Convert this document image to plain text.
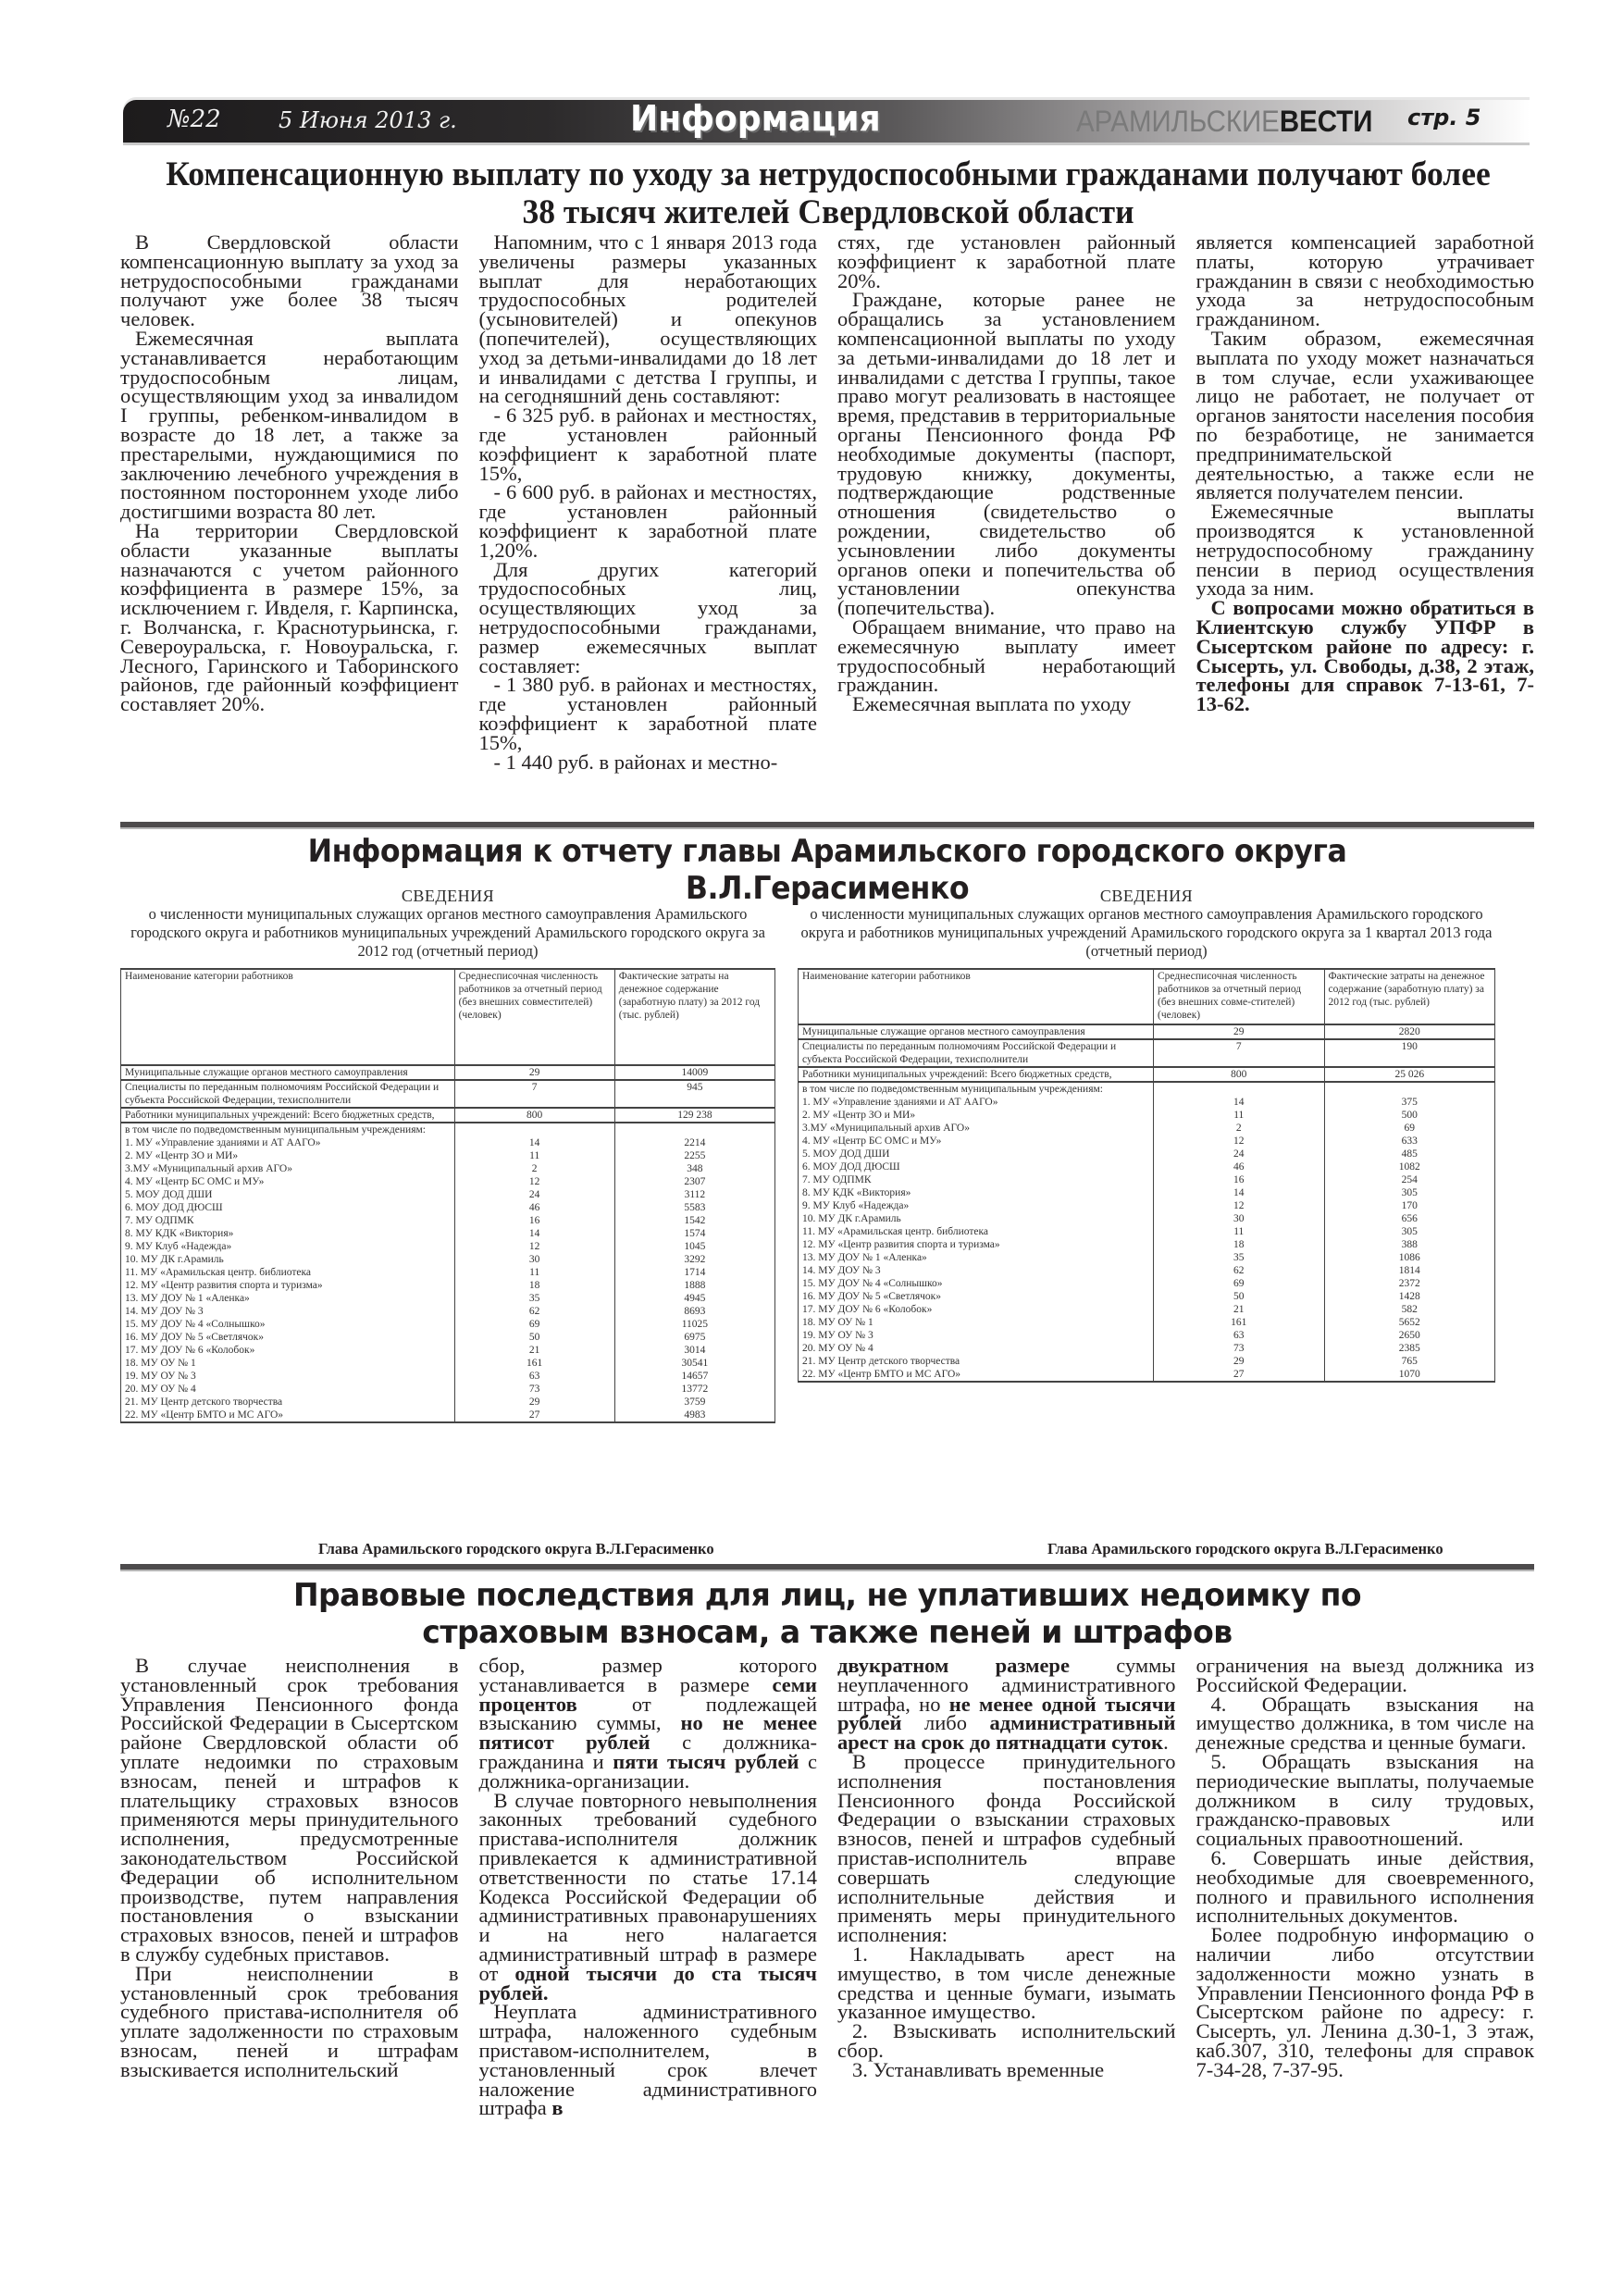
№22	5 Июня 2013 г.	Информация	АРАМИЛЬСКИЕВЕСТИ стр. 5
Компенсационную выплату по уходу за нетрудоспособными гражданами получают более 38 тысяч жителей Свердловской области

В Свердловской области компенсационную выплату за уход за нетрудоспособными гражданами получают уже более 38 тысяч человек.

Ежемесячная выплата устанавливается неработающим трудоспособным лицам, осуществляющим уход за инвалидом I группы, ребенком-инвалидом в возрасте до 18 лет, а также за престарелыми, нуждающимися по заключению лечебного учреждения в постоянном постороннем уходе либо достигшими возраста 80 лет.

На территории Свердловской области указанные выплаты назначаются с учетом районного коэффициента в размере 15%, за исключением г. Ивделя, г. Карпинска, г. Волчанска, г. Краснотурьинска, г. Североуральска, г. Новоуральска, г. Лесного, Гаринского и Таборинского районов, где районный коэффициент составляет 20%.

Напомним, что с 1 января 2013 года увеличены размеры указанных выплат для неработающих трудоспособных родителей (усыновителей) и опекунов (попечителей), осуществляющих уход за детьми-инвалидами до 18 лет и инвалидами с детства I группы, и на сегодняшний день составляют:

- 6 325 руб. в районах и местностях, где установлен районный коэффициент к заработной плате 15%,

- 6 600 руб. в районах и местностях, где установлен районный коэффициент к заработной плате 1,20%.

Для других категорий трудоспособных лиц, осуществляющих уход за нетрудоспособными гражданами, размер ежемесячных выплат составляет:

- 1 380 руб. в районах и местностях, где установлен районный коэффициент к заработной плате 15%,

- 1 440 руб. в районах и местно-

стях, где установлен районный коэффициент к заработной плате 20%.

Граждане, которые ранее не обращались за установлением компенсационной выплаты по уходу за детьми-инвалидами до 18 лет и инвалидами с детства I группы, такое право могут реализовать в настоящее время, представив в территориальные органы Пенсионного фонда РФ необходимые документы (паспорт, трудовую книжку, документы, подтверждающие родственные отношения (свидетельство о рождении, свидетельство об усыновлении либо документы органов опеки и попечительства об установлении опекунства (попечительства).

Обращаем внимание, что право на ежемесячную выплату имеет трудоспособный неработающий гражданин.

Ежемесячная выплата по уходу

является компенсацией заработной платы, которую утрачивает гражданин в связи с необходимостью ухода за нетрудоспособным гражданином.

Таким образом, ежемесячная выплата по уходу может назначаться в том случае, если ухаживающее лицо не работает, не получает от органов занятости населения пособия по безработице, не занимается предпринимательской деятельностью, а также если не является получателем пенсии.

Ежемесячные выплаты производятся к установленной нетрудоспособному гражданину пенсии в период осуществления ухода за ним.

С вопросами можно обратиться в Клиентскую службу УПФР в Сысертском районе по адресу: г. Сысерть, ул. Свободы, д.38, 2 этаж, телефоны для справок 7-13-61, 7-13-62.

Информация к отчету главы Арамильского городского округа В.Л.Герасименко
СВЕДЕНИЯ
о численности муниципальных служащих органов местного самоуправления Арамильского городского округа и работников муниципальных учреждений Арамильского городского округа за 2012 год (отчетный период)
Наименование категории работников	Среднесписочная численность работников за отчетный период (без внешних совместителей) (человек)	Фактические затраты на денежное содержание (заработную плату) за 2012 год (тыс. рублей)
Муниципальные служащие органов местного самоуправления	29	14009
Специалисты по переданным полномочиям Российской Федерации и субъекта Российской Федерации, техисполнители	7	945
Работники муниципальных учреждений: Всего бюджетных средств,	800	129 238
в том числе по подведомственным муниципальным учреждениям:		
1. МУ «Управление зданиями и АТ ААГО»	14	2214
2. МУ «Центр ЗО и МИ»	11	2255
3.МУ «Муниципальный архив АГО»	2	348
4. МУ «Центр БС ОМС и МУ»	12	2307
5. МОУ ДОД ДШИ	24	3112
6. МОУ ДОД ДЮСШ	46	5583
7. МУ ОДПМК	16	1542
8. МУ КДК «Виктория»	14	1574
9. МУ Клуб «Надежда»	12	1045
10. МУ ДК г.Арамиль	30	3292
11. МУ «Арамильская центр. библиотека	11	1714
12. МУ «Центр развития спорта и туризма»	18	1888
13. МУ ДОУ № 1 «Аленка»	35	4945
14. МУ ДОУ № 3	62	8693
15. МУ ДОУ № 4 «Солнышко»	69	11025
16. МУ ДОУ № 5 «Светлячок»	50	6975
17. МУ ДОУ № 6 «Колобок»	21	3014
18. МУ ОУ № 1	161	30541
19. МУ ОУ № 3	63	14657
20. МУ ОУ № 4	73	13772
21. МУ Центр детского творчества	29	3759
22. МУ «Центр БМТО и МС АГО»	27	4983
Глава Арамильского городского округа В.Л.Герасименко
СВЕДЕНИЯ
о численности муниципальных служащих органов местного самоуправления Арамильского городского округа и работников муниципальных учреждений Арамильского городского округа за 1 квартал 2013 года (отчетный период)
Наименование категории работников	Среднесписочная численность работников за отчетный период (без внешних совме-стителей) (человек)	Фактические затраты на денежное содержание (заработную плату) за 2012 год (тыс. рублей)
Муниципальные служащие органов местного самоуправления	29	2820
Специалисты по переданным полномочиям Российской Федерации и субъекта Российской Федерации, техисполнители	7	190
Работники муниципальных учреждений: Всего бюджетных средств,	800	25 026
в том числе по подведомственным муниципальным учреждениям:		
1. МУ «Управление зданиями и АТ ААГО»	14	375
2. МУ «Центр ЗО и МИ»	11	500
3.МУ «Муниципальный архив АГО»	2	69
4. МУ «Центр БС ОМС и МУ»	12	633
5. МОУ ДОД ДШИ	24	485
6. МОУ ДОД ДЮСШ	46	1082
7. МУ ОДПМК	16	254
8. МУ КДК «Виктория»	14	305
9. МУ Клуб «Надежда»	12	170
10. МУ ДК г.Арамиль	30	656
11. МУ «Арамильская центр. библиотека	11	305
12. МУ «Центр развития спорта и туризма»	18	388
13. МУ ДОУ № 1 «Аленка»	35	1086
14. МУ ДОУ № 3	62	1814
15. МУ ДОУ № 4 «Солнышко»	69	2372
16. МУ ДОУ № 5 «Светлячок»	50	1428
17. МУ ДОУ № 6 «Колобок»	21	582
18. МУ ОУ № 1	161	5652
19. МУ ОУ № 3	63	2650
20. МУ ОУ № 4	73	2385
21. МУ Центр детского творчества	29	765
22. МУ «Центр БМТО и МС АГО»	27	1070
Глава Арамильского городского округа В.Л.Герасименко
Правовые последствия для лиц, не уплативших недоимку по
страховым взносам, а также пеней и штрафов

В случае неисполнения в установленный срок требования Управления Пенсионного фонда Российской Федерации в Сысертском районе Свердловской области об уплате недоимки по страховым взносам, пеней и штрафов к плательщику страховых взносов применяются меры принудительного исполнения, предусмотренные законодательством Российской Федерации об исполнительном производстве, путем направления постановления о взыскании страховых взносов, пеней и штрафов в службу судебных приставов.

При неисполнении в установленный срок требования судебного пристава-исполнителя об уплате задолженности по страховым взносам, пеней и штрафам взыскивается исполнительский

сбор, размер которого устанавливается в размере семи процентов от подлежащей взысканию суммы, но не менее пятисот рублей с должника-гражданина и пяти тысяч рублей с должника-организации.

В случае повторного невыполнения законных требований судебного пристава-исполнителя должник привлекается к административной ответственности по статье 17.14 Кодекса Российской Федерации об административных правонарушениях и на него налагается административный штраф в размере от одной тысячи до ста тысяч рублей.

Неуплата административного штрафа, наложенного судебным приставом-исполнителем, в установленный срок влечет наложение административного штрафа в

двукратном размере суммы неуплаченного административного штрафа, но не менее одной тысячи рублей либо административный арест на срок до пятнадцати суток.

В процессе принудительного исполнения постановления Пенсионного фонда Российской Федерации о взыскании страховых взносов, пеней и штрафов судебный пристав-исполнитель вправе совершать следующие исполнительные действия и применять меры принудительного исполнения:

1. Накладывать арест на имущество, в том числе денежные средства и ценные бумаги, изымать указанное имущество.

2. Взыскивать исполнительский сбор.

3. Устанавливать временные

ограничения на выезд должника из Российской Федерации.

4. Обращать взыскания на имущество должника, в том числе на денежные средства и ценные бумаги.

5. Обращать взыскания на периодические выплаты, получаемые должником в силу трудовых, гражданско-правовых или социальных правоотношений.

6. Совершать иные действия, необходимые для своевременного, полного и правильного исполнения исполнительных документов.

Более подробную информацию о наличии либо отсутствии задолженности можно узнать в Управлении Пенсионного фонда РФ в Сысертском районе по адресу: г. Сысерть, ул. Ленина д.30-1, 3 этаж, каб.307, 310, телефоны для справок 7-34-28, 7-37-95.
